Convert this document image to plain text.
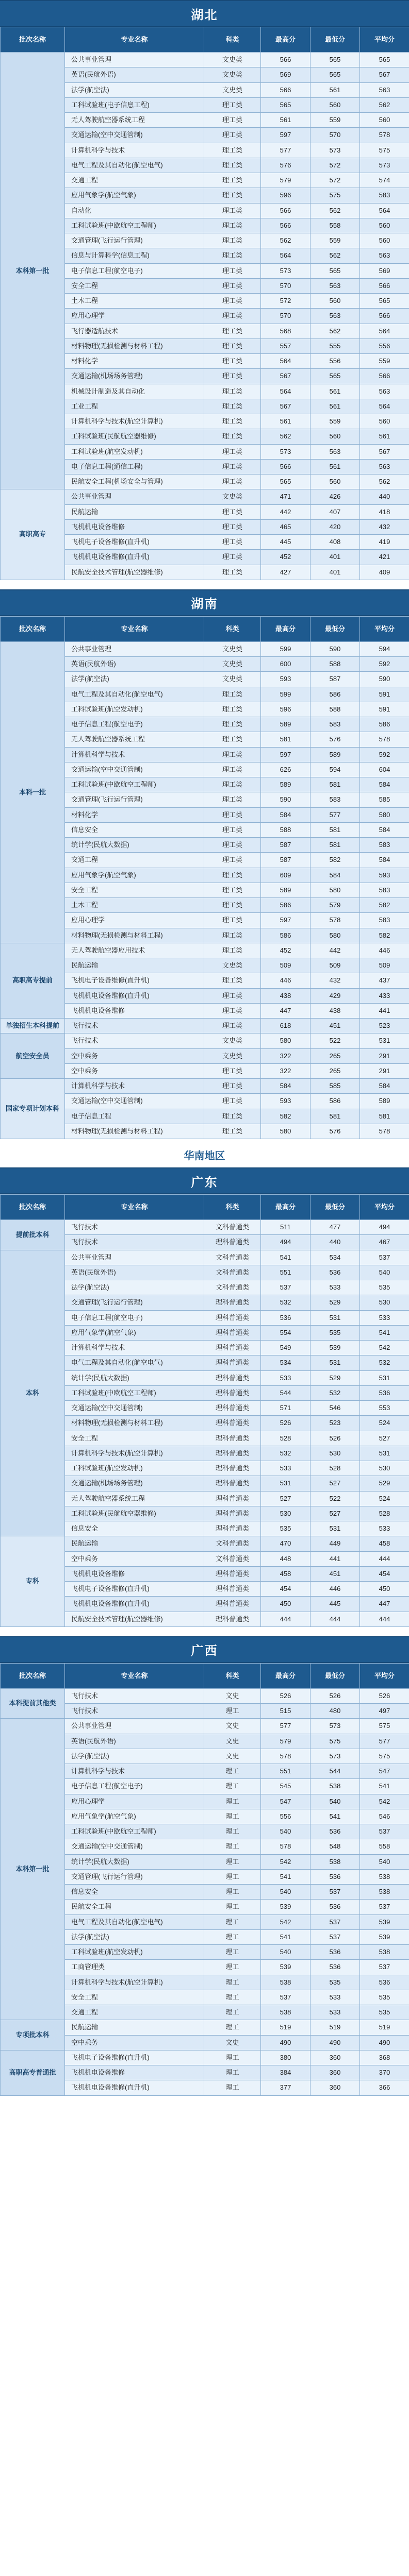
湖北
批次名称	专业名称	科类	最高分	最低分	平均分
本科第一批	公共事业管理	文史类	566	565	565
	英语(民航外语)	文史类	569	565	567
	法学(航空法)	文史类	566	561	563
	工科试验班(电子信息工程)	理工类	565	560	562
	无人驾驶航空器系统工程	理工类	561	559	560
	交通运输(空中交通管制)	理工类	597	570	578
	计算机科学与技术	理工类	577	573	575
	电气工程及其自动化(航空电气)	理工类	576	572	573
	交通工程	理工类	579	572	574
	应用气象学(航空气象)	理工类	596	575	583
	自动化	理工类	566	562	564
	工科试验班(中欧航空工程师)	理工类	566	558	560
	交通管理(飞行运行管理)	理工类	562	559	560
	信息与计算科学(信息工程)	理工类	564	562	563
	电子信息工程(航空电子)	理工类	573	565	569
	安全工程	理工类	570	563	566
	土木工程	理工类	572	560	565
	应用心理学	理工类	570	563	566
	飞行器适航技术	理工类	568	562	564
	材料物理(无损检测与材料工程)	理工类	557	555	556
	材料化学	理工类	564	556	559
	交通运输(机场场务管理)	理工类	567	565	566
	机械设计制造及其自动化	理工类	564	561	563
	工业工程	理工类	567	561	564
	计算机科学与技术(航空计算机)	理工类	561	559	560
	工科试验班(民航航空器维修)	理工类	562	560	561
	工科试验班(航空发动机)	理工类	573	563	567
	电子信息工程(通信工程)	理工类	566	561	563
	民航安全工程(机场安全与管理)	理工类	565	560	562
高职高专	公共事业管理	文史类	471	426	440
	民航运输	理工类	442	407	418
	飞机机电设备维修	理工类	465	420	432
	飞机电子设备维修(直升机)	理工类	445	408	419
	飞机机电设备维修(直升机)	理工类	452	401	421
	民航安全技术管理(航空器维修)	理工类	427	401	409
湖南
批次名称	专业名称	科类	最高分	最低分	平均分
本科一批	公共事业管理	文史类	599	590	594
	英语(民航外语)	文史类	600	588	592
	法学(航空法)	文史类	593	587	590
	电气工程及其自动化(航空电气)	理工类	599	586	591
	工科试验班(航空发动机)	理工类	596	588	591
	电子信息工程(航空电子)	理工类	589	583	586
	无人驾驶航空器系统工程	理工类	581	576	578
	计算机科学与技术	理工类	597	589	592
	交通运输(空中交通管制)	理工类	626	594	604
	工科试验班(中欧航空工程师)	理工类	589	581	584
	交通管理(飞行运行管理)	理工类	590	583	585
	材料化学	理工类	584	577	580
	信息安全	理工类	588	581	584
	统计学(民航大数据)	理工类	587	581	583
	交通工程	理工类	587	582	584
	应用气象学(航空气象)	理工类	609	584	593
	安全工程	理工类	589	580	583
	土木工程	理工类	586	579	582
	应用心理学	理工类	597	578	583
	材料物理(无损检测与材料工程)	理工类	586	580	582
高职高专提前	无人驾驶航空器应用技术	理工类	452	442	446
	民航运输	文史类	509	509	509
	飞机电子设备维修(直升机)	理工类	446	432	437
	飞机机电设备维修(直升机)	理工类	438	429	433
	飞机机电设备维修	理工类	447	438	441
单独招生本科提前	飞行技术	理工类	618	451	523
航空安全员	飞行技术	文史类	580	522	531
	空中乘务	文史类	322	265	291
	空中乘务	理工类	322	265	291
国家专项计划本科	计算机科学与技术	理工类	584	585	584
	交通运输(空中交通管制)	理工类	593	586	589
	电子信息工程	理工类	582	581	581
	材料物理(无损检测与材料工程)	理工类	580	576	578
华南地区
广东
批次名称	专业名称	科类	最高分	最低分	平均分
提前批本科	飞行技术	文科普通类	511	477	494
	飞行技术	理科普通类	494	440	467
本科	公共事业管理	文科普通类	541	534	537
	英语(民航外语)	文科普通类	551	536	540
	法学(航空法)	文科普通类	537	533	535
	交通管理(飞行运行管理)	理科普通类	532	529	530
	电子信息工程(航空电子)	理科普通类	536	531	533
	应用气象学(航空气象)	理科普通类	554	535	541
	计算机科学与技术	理科普通类	549	539	542
	电气工程及其自动化(航空电气)	理科普通类	534	531	532
	统计学(民航大数据)	理科普通类	533	529	531
	工科试验班(中欧航空工程师)	理科普通类	544	532	536
	交通运输(空中交通管制)	理科普通类	571	546	553
	材料物理(无损检测与材料工程)	理科普通类	526	523	524
	安全工程	理科普通类	528	526	527
	计算机科学与技术(航空计算机)	理科普通类	532	530	531
	工科试验班(航空发动机)	理科普通类	533	528	530
	交通运输(机场场务管理)	理科普通类	531	527	529
	无人驾驶航空器系统工程	理科普通类	527	522	524
	工科试验班(民航航空器维修)	理科普通类	530	527	528
	信息安全	理科普通类	535	531	533
专科	民航运输	文科普通类	470	449	458
	空中乘务	文科普通类	448	441	444
	飞机机电设备维修	理科普通类	458	451	454
	飞机电子设备维修(直升机)	理科普通类	454	446	450
	飞机机电设备维修(直升机)	理科普通类	450	445	447
	民航安全技术管理(航空器维修)	理科普通类	444	444	444
广西
批次名称	专业名称	科类	最高分	最低分	平均分
本科提前其他类	飞行技术	文史	526	526	526
	飞行技术	理工	515	480	497
本科第一批	公共事业管理	文史	577	573	575
	英语(民航外语)	文史	579	575	577
	法学(航空法)	文史	578	573	575
	计算机科学与技术	理工	551	544	547
	电子信息工程(航空电子)	理工	545	538	541
	应用心理学	理工	547	540	542
	应用气象学(航空气象)	理工	556	541	546
	工科试验班(中欧航空工程师)	理工	540	536	537
	交通运输(空中交通管制)	理工	578	548	558
	统计学(民航大数据)	理工	542	538	540
	交通管理(飞行运行管理)	理工	541	536	538
	信息安全	理工	540	537	538
	民航安全工程	理工	539	536	537
	电气工程及其自动化(航空电气)	理工	542	537	539
	法学(航空法)	理工	541	537	539
	工科试验班(航空发动机)	理工	540	536	538
	工商管理类	理工	539	536	537
	计算机科学与技术(航空计算机)	理工	538	535	536
	安全工程	理工	537	533	535
	交通工程	理工	538	533	535
专项批本科	民航运输	理工	519	519	519
	空中乘务	文史	490	490	490
高职高专普通批	飞机电子设备维修(直升机)	理工	380	360	368
	飞机机电设备维修	理工	384	360	370
	飞机机电设备维修(直升机)	理工	377	360	366
